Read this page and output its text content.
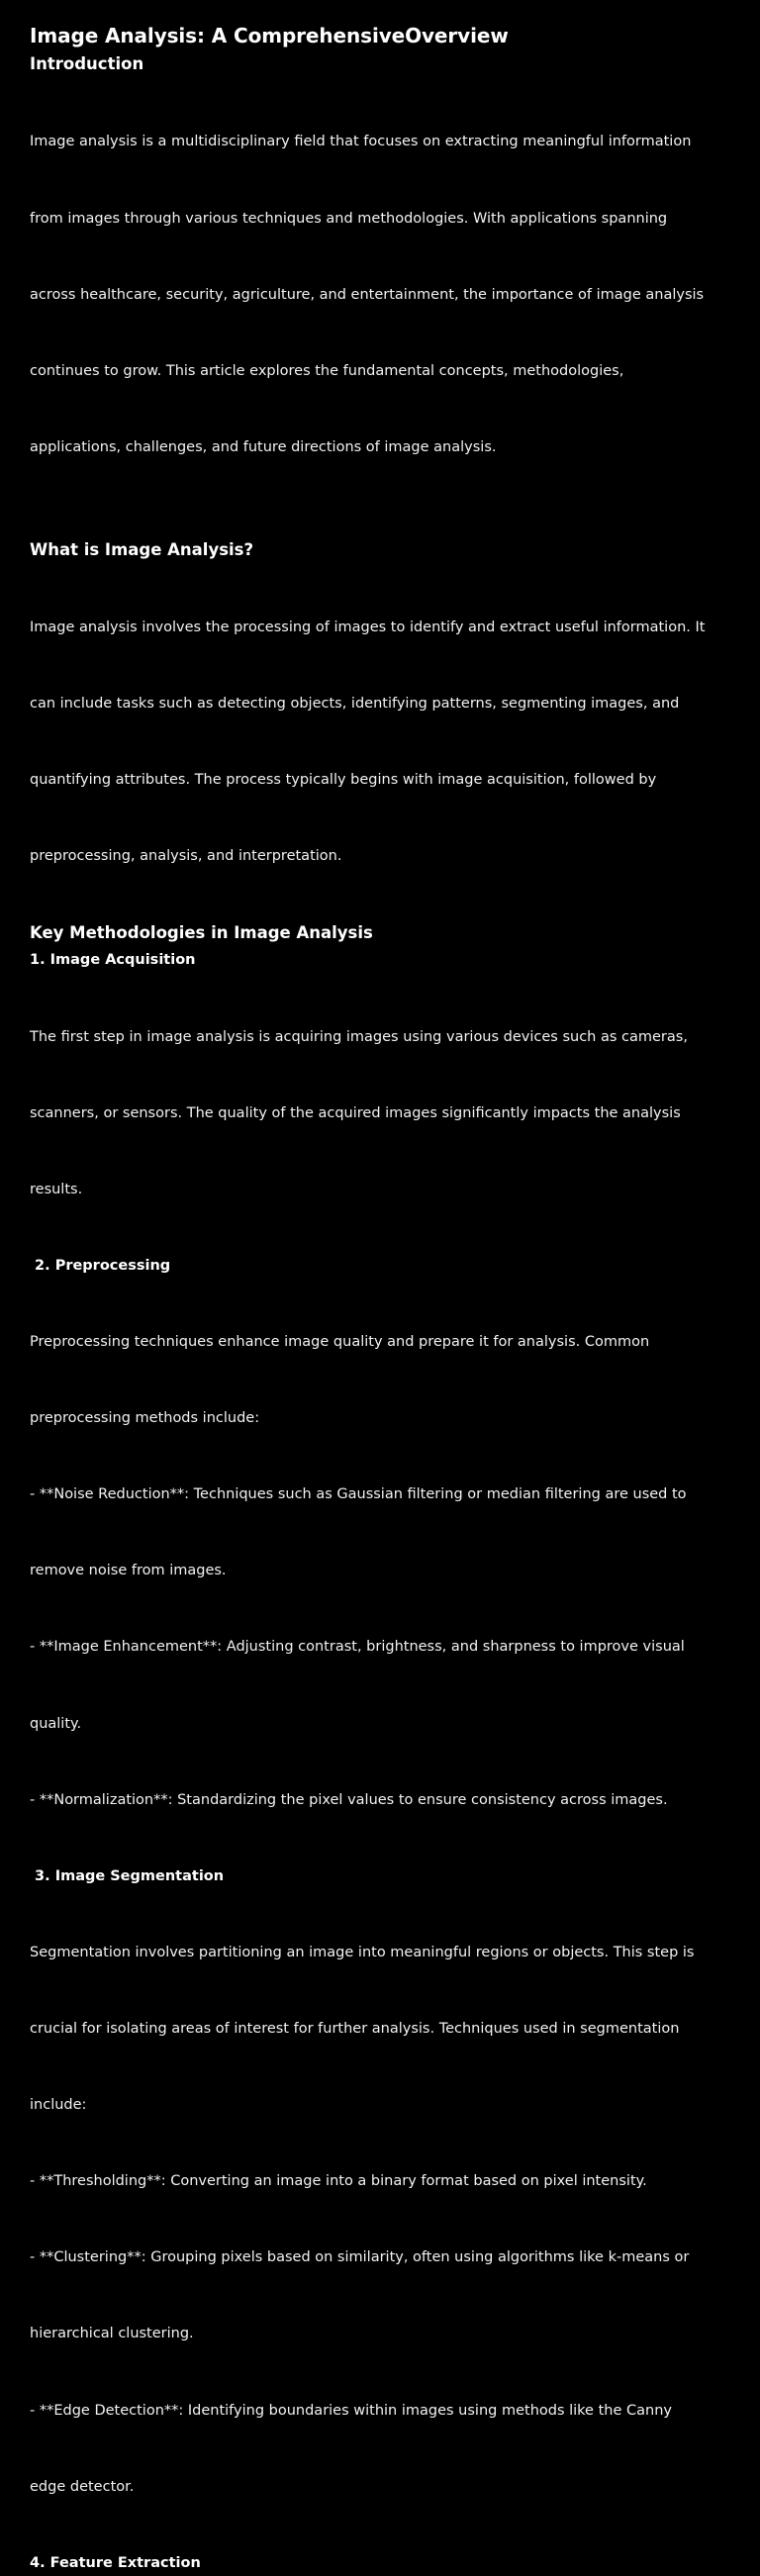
Image Analysis: A ComprehensiveOverview
Introduction

Image analysis is a multidisciplinary field that focuses on extracting meaningful information

from images through various techniques and methodologies. With applications spanning

across healthcare, security, agriculture, and entertainment, the importance of image analysis

continues to grow. This article explores the fundamental concepts, methodologies,

applications, challenges, and future directions of image analysis.

What is Image Analysis?

Image analysis involves the processing of images to identify and extract useful information. It

can include tasks such as detecting objects, identifying patterns, segmenting images, and

quantifying attributes. The process typically begins with image acquisition, followed by

preprocessing, analysis, and interpretation.

Key Methodologies in Image Analysis
1. Image Acquisition

The first step in image analysis is acquiring images using various devices such as cameras,

scanners, or sensors. The quality of the acquired images significantly impacts the analysis

results.

2. Preprocessing

Preprocessing techniques enhance image quality and prepare it for analysis. Common

preprocessing methods include:

- **Noise Reduction**: Techniques such as Gaussian filtering or median filtering are used to

remove noise from images.

- **Image Enhancement**: Adjusting contrast, brightness, and sharpness to improve visual

quality.

- **Normalization**: Standardizing the pixel values to ensure consistency across images.

3. Image Segmentation

Segmentation involves partitioning an image into meaningful regions or objects. This step is

crucial for isolating areas of interest for further analysis. Techniques used in segmentation

include:

- **Thresholding**: Converting an image into a binary format based on pixel intensity.

- **Clustering**: Grouping pixels based on similarity, often using algorithms like k-means or

hierarchical clustering.

- **Edge Detection**: Identifying boundaries within images using methods like the Canny

edge detector.

4. Feature Extraction
